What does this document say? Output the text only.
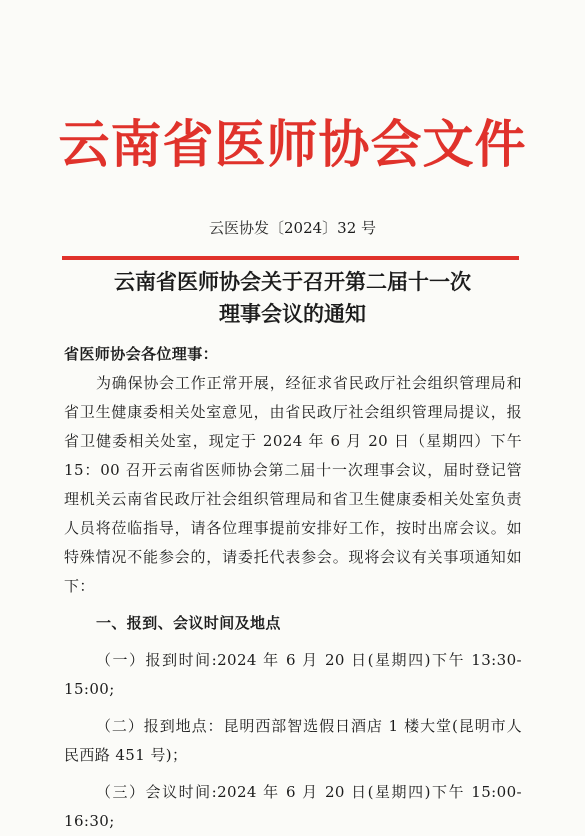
云南省医师协会文件
云医协发〔2024〕32 号
云南省医师协会关于召开第二届十一次
理事会议的通知

省医师协会各位理事：

为确保协会工作正常开展，经征求省民政厅社会组织管理局和省卫生健康委相关处室意见，由省民政厅社会组织管理局提议，报省卫健委相关处室，现定于 2024 年 6 月 20 日（星期四）下午 15：00 召开云南省医师协会第二届十一次理事会议，届时登记管理机关云南省民政厅社会组织管理局和省卫生健康委相关处室负责人员将莅临指导，请各位理事提前安排好工作，按时出席会议。如特殊情况不能参会的，请委托代表参会。现将会议有关事项通知如下：

一、报到、会议时间及地点

（一）报到时间:2024 年 6 月 20 日(星期四)下午 13:30-15:00;

（二）报到地点：昆明西部智选假日酒店 1 楼大堂(昆明市人民西路 451 号)；

（三）会议时间:2024 年 6 月 20 日(星期四)下午 15:00-16:30;
